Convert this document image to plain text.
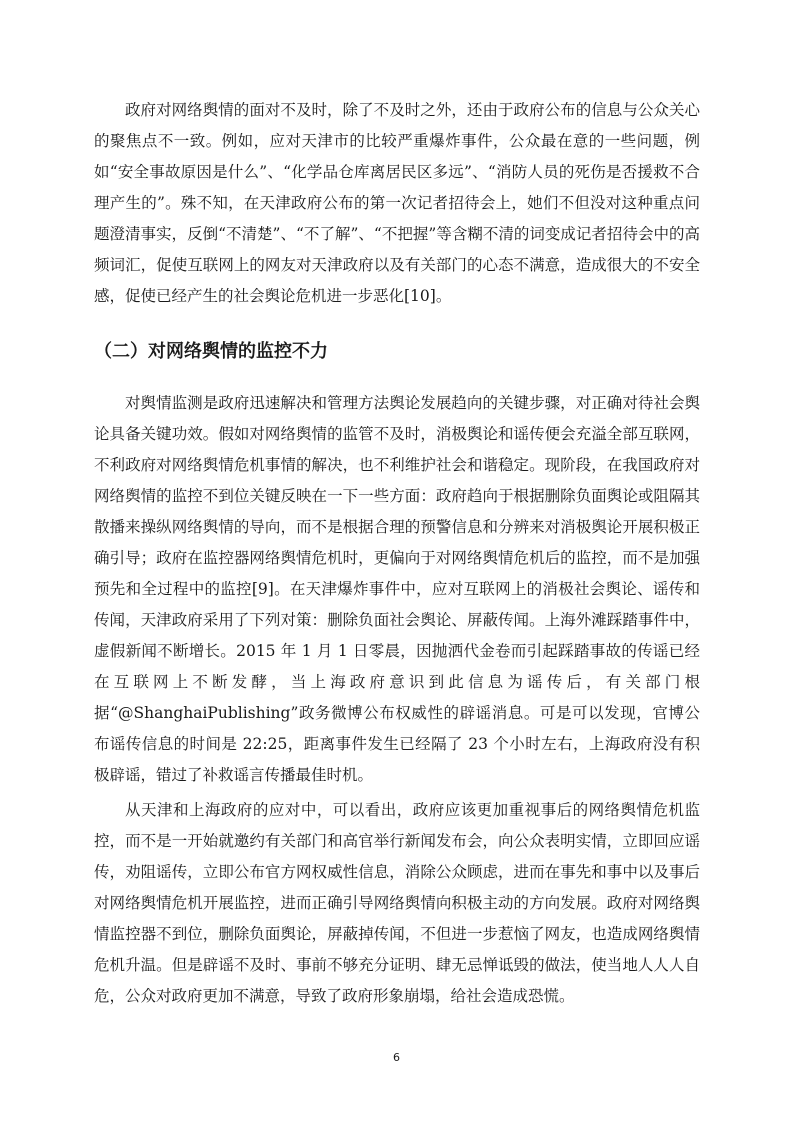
政府对网络舆情的面对不及时，除了不及时之外，还由于政府公布的信息与公众关心的聚焦点不一致。例如，应对天津市的比较严重爆炸事件，公众最在意的一些问题，例如“安全事故原因是什么”、“化学品仓库离居民区多远”、“消防人员的死伤是否援救不合理产生的”。殊不知，在天津政府公布的第一次记者招待会上，她们不但没对这种重点问题澄清事实，反倒“不清楚”、“不了解”、“不把握”等含糊不清的词变成记者招待会中的高频词汇，促使互联网上的网友对天津政府以及有关部门的心态不满意，造成很大的不安全感，促使已经产生的社会舆论危机进一步恶化[10]。

（二）对网络舆情的监控不力

对舆情监测是政府迅速解决和管理方法舆论发展趋向的关键步骤，对正确对待社会舆论具备关键功效。假如对网络舆情的监管不及时，消极舆论和谣传便会充溢全部互联网，不利政府对网络舆情危机事情的解决，也不利维护社会和谐稳定。现阶段，在我国政府对网络舆情的监控不到位关键反映在一下一些方面：政府趋向于根据删除负面舆论或阻隔其散播来操纵网络舆情的导向，而不是根据合理的预警信息和分辨来对消极舆论开展积极正确引导；政府在监控器网络舆情危机时，更偏向于对网络舆情危机后的监控，而不是加强预先和全过程中的监控[9]。在天津爆炸事件中，应对互联网上的消极社会舆论、谣传和传闻，天津政府采用了下列对策：删除负面社会舆论、屏蔽传闻。上海外滩踩踏事件中，虚假新闻不断增长。2015 年 1 月 1 日零晨，因抛洒代金卷而引起踩踏事故的传谣已经在互联网上不断发酵，当上海政府意识到此信息为谣传后，有关部门根据“@ShanghaiPublishing”政务微博公布权威性的辟谣消息。可是可以发现，官博公布谣传信息的时间是 22:25，距离事件发生已经隔了 23 个小时左右，上海政府没有积极辟谣，错过了补救谣言传播最佳时机。

从天津和上海政府的应对中，可以看出，政府应该更加重视事后的网络舆情危机监控，而不是一开始就邀约有关部门和高官举行新闻发布会，向公众表明实情，立即回应谣传，劝阻谣传，立即公布官方网权威性信息，消除公众顾虑，进而在事先和事中以及事后对网络舆情危机开展监控，进而正确引导网络舆情向积极主动的方向发展。政府对网络舆情监控器不到位，删除负面舆论，屏蔽掉传闻，不但进一步惹恼了网友，也造成网络舆情危机升温。但是辟谣不及时、事前不够充分证明、肆无忌惮诋毁的做法，使当地人人人自危，公众对政府更加不满意，导致了政府形象崩塌，给社会造成恐慌。

6
